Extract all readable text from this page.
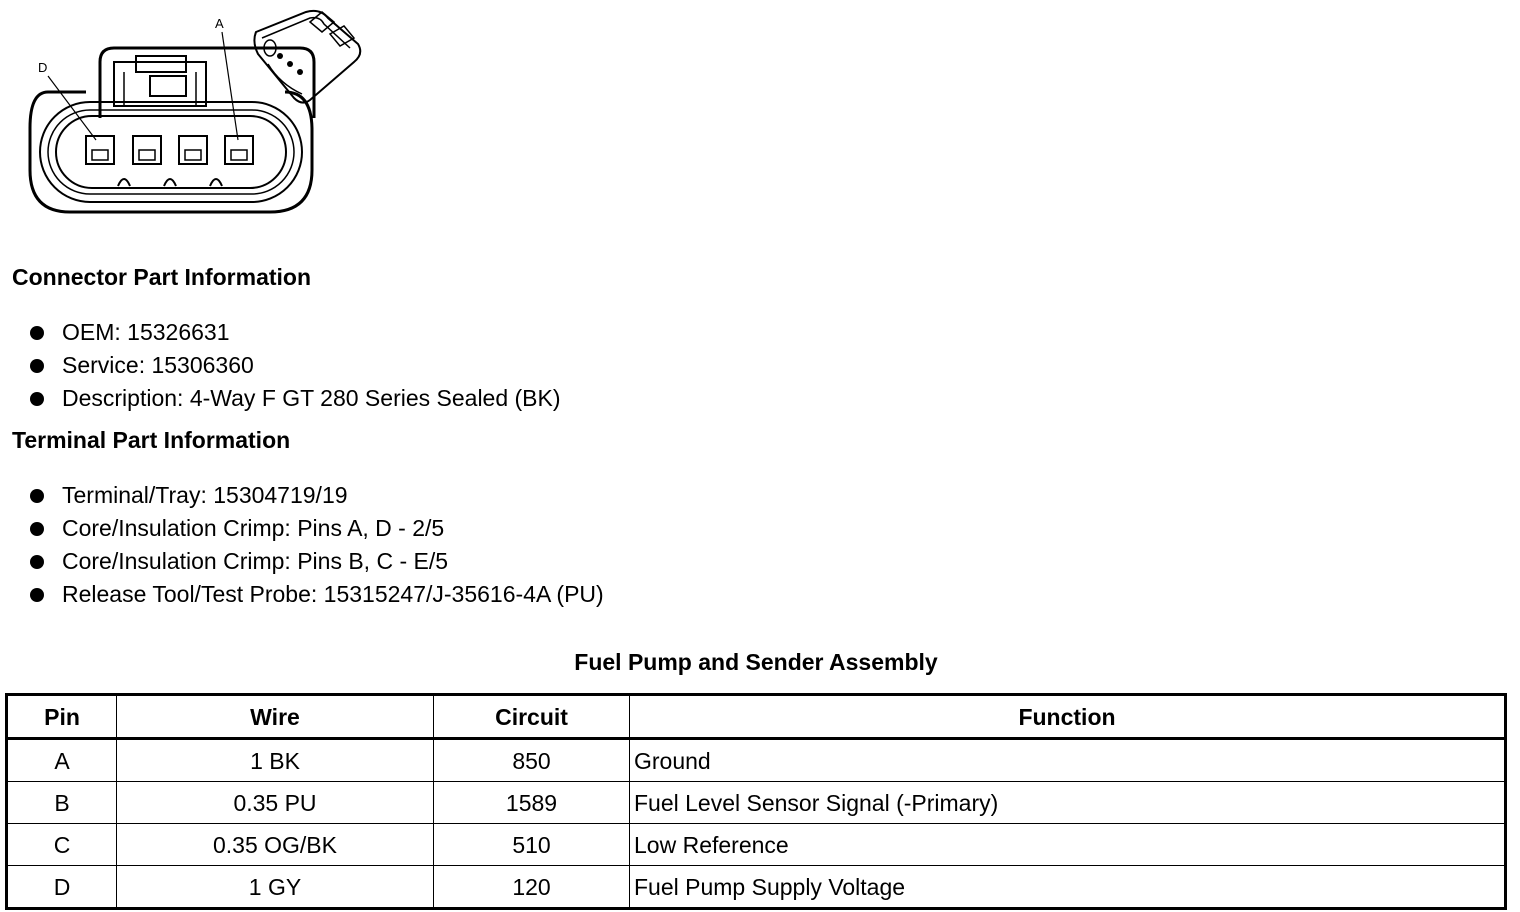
D
A
Connector Part Information
OEM: 15326631
Service: 15306360
Description: 4-Way F GT 280 Series Sealed (BK)
Terminal Part Information
Terminal/Tray: 15304719/19
Core/Insulation Crimp: Pins A, D - 2/5
Core/Insulation Crimp: Pins B, C - E/5
Release Tool/Test Probe: 15315247/J-35616-4A (PU)
Fuel Pump and Sender Assembly
Pin	Wire	Circuit	Function
A	1 BK	850	Ground
B	0.35 PU	1589	Fuel Level Sensor Signal (-Primary)
C	0.35 OG/BK	510	Low Reference
D	1 GY	120	Fuel Pump Supply Voltage
